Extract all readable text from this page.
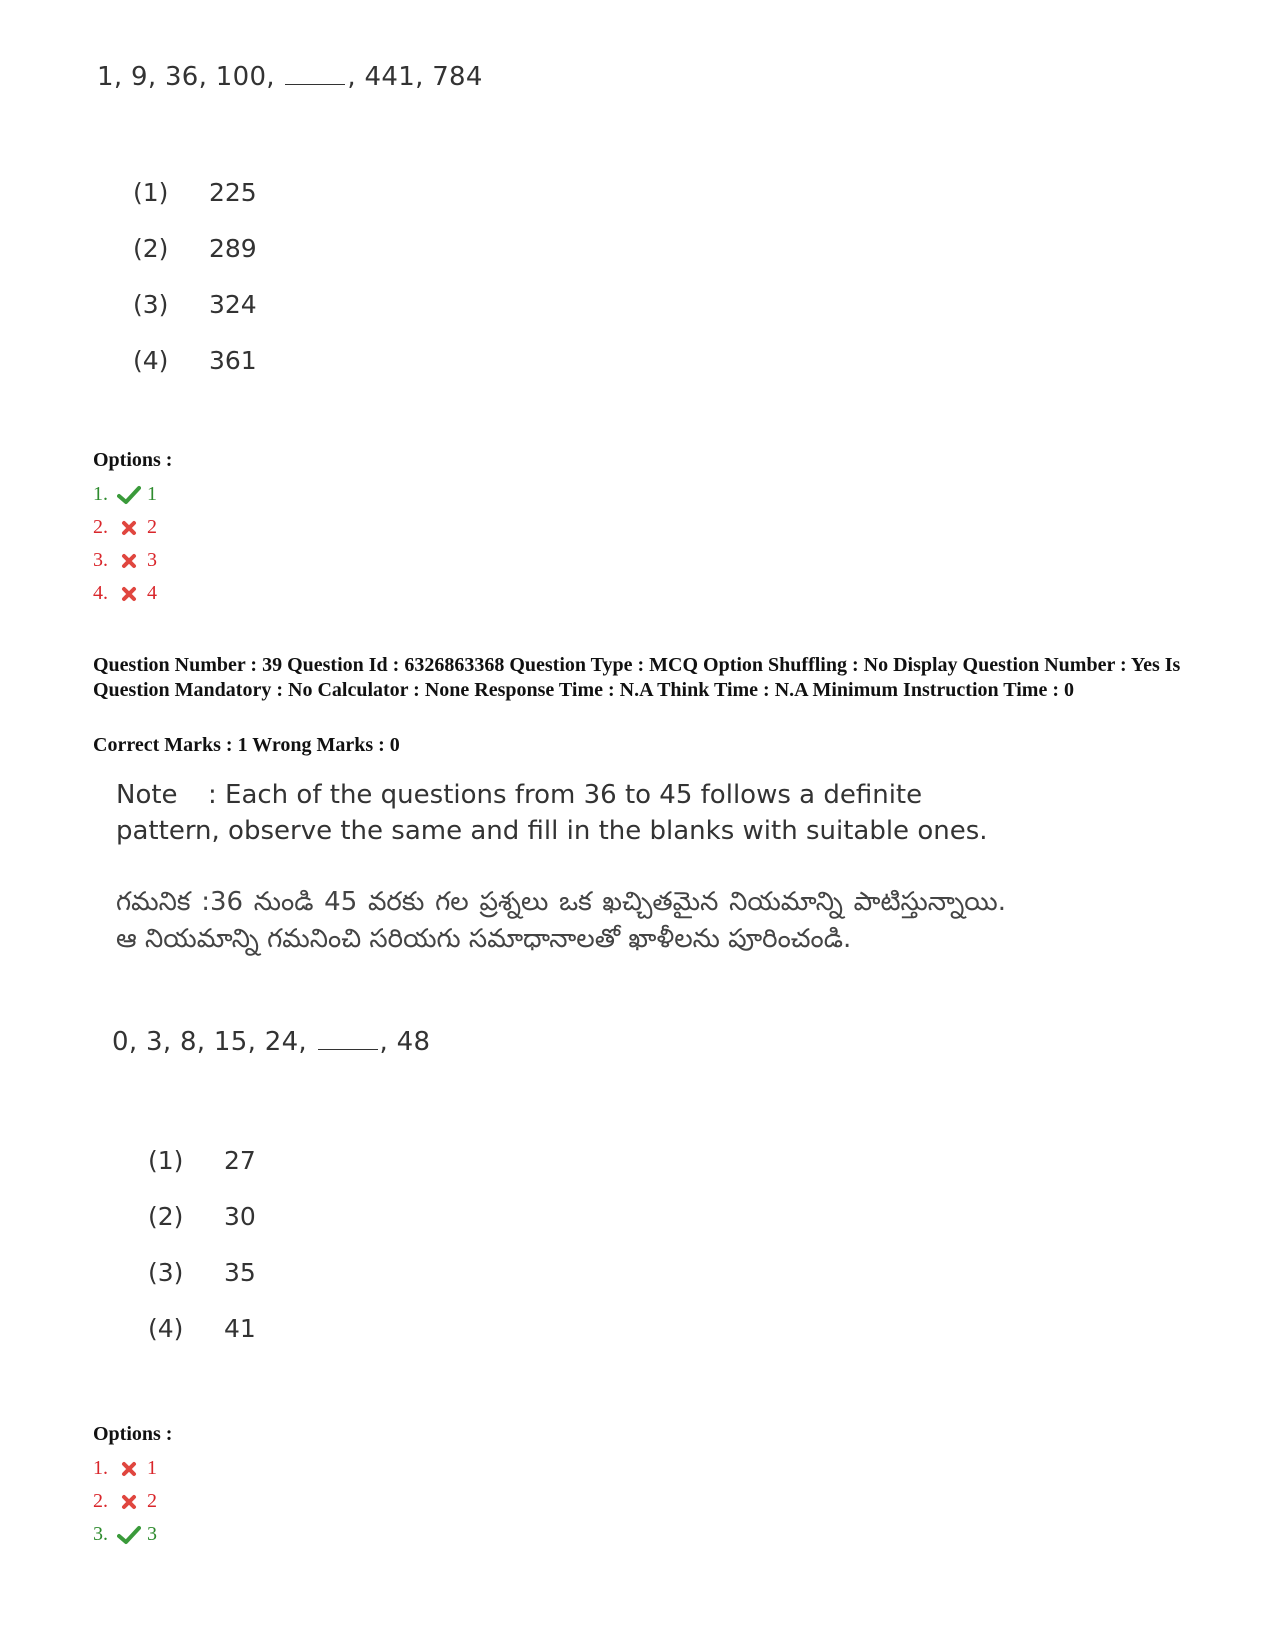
1, 9, 36, 100, , 441, 784
(1)	225
(2)	289
(3)	324
(4)	361
Options :
1.	1
2.	2
3.	3
4.	4
Question Number : 39 Question Id : 6326863368 Question Type : MCQ Option Shuffling : No Display Question Number : Yes Is Question Mandatory : No Calculator : None Response Time : N.A Think Time : N.A Minimum Instruction Time : 0
Correct Marks : 1 Wrong Marks : 0
Note : Each of the questions from 36 to 45 follows a definite pattern, observe the same and fill in the blanks with suitable ones.
గమనిక :36 నుండి 45 వరకు గల ప్రశ్నలు ఒక ఖచ్చితమైన నియమాన్ని పాటిస్తున్నాయి. ఆ నియమాన్ని గమనించి సరియగు సమాధానాలతో ఖాళీలను పూరించండి.
0, 3, 8, 15, 24, , 48
(1)	27
(2)	30
(3)	35
(4)	41
Options :
1.	1
2.	2
3.	3
